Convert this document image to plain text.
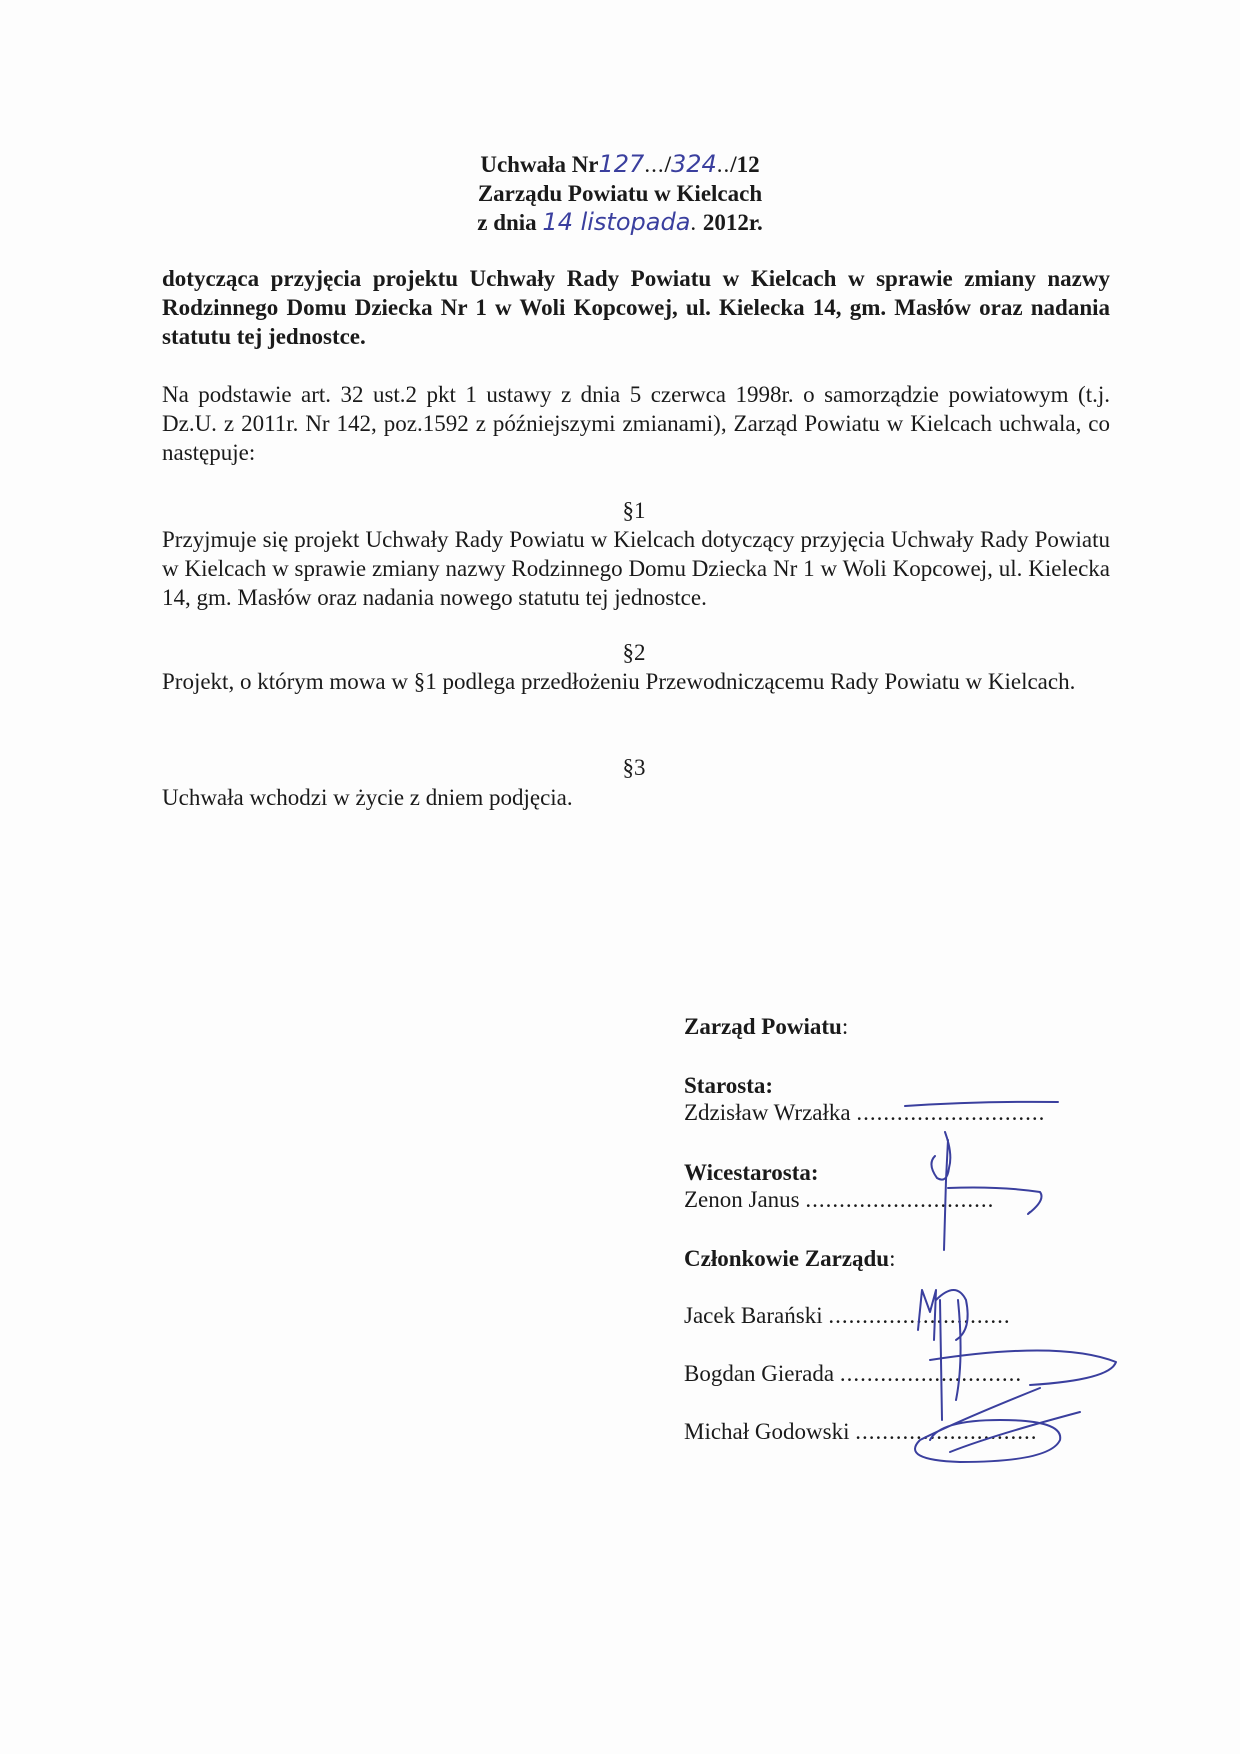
Uchwała Nr127.../324../12
Zarządu Powiatu w Kielcach
z dnia 14 listopada. 2012r.
dotycząca przyjęcia projektu Uchwały Rady Powiatu w Kielcach w sprawie zmiany nazwy Rodzinnego Domu Dziecka Nr 1 w Woli Kopcowej, ul. Kielecka 14, gm. Masłów oraz nadania statutu tej jednostce.
Na podstawie art. 32 ust.2 pkt 1 ustawy z dnia 5 czerwca 1998r. o samorządzie powiatowym (t.j. Dz.U. z 2011r. Nr 142, poz.1592 z późniejszymi zmianami), Zarząd Powiatu w Kielcach uchwala, co następuje:
§1
Przyjmuje się projekt Uchwały Rady Powiatu w Kielcach dotyczący przyjęcia Uchwały Rady Powiatu w Kielcach w sprawie zmiany nazwy Rodzinnego Domu Dziecka Nr 1 w Woli Kopcowej, ul. Kielecka 14, gm. Masłów oraz nadania nowego statutu tej jednostce.
§2
Projekt, o którym mowa w §1 podlega przedłożeniu Przewodniczącemu Rady Powiatu w Kielcach.
§3
Uchwała wchodzi w życie z dniem podjęcia.
Zarząd Powiatu:
Starosta:
Zdzisław Wrzałka ............................
Wicestarosta:
Zenon Janus ............................
Członkowie Zarządu:
Jacek Barański ...........................
Bogdan Gierada ...........................
Michał Godowski ...........................
